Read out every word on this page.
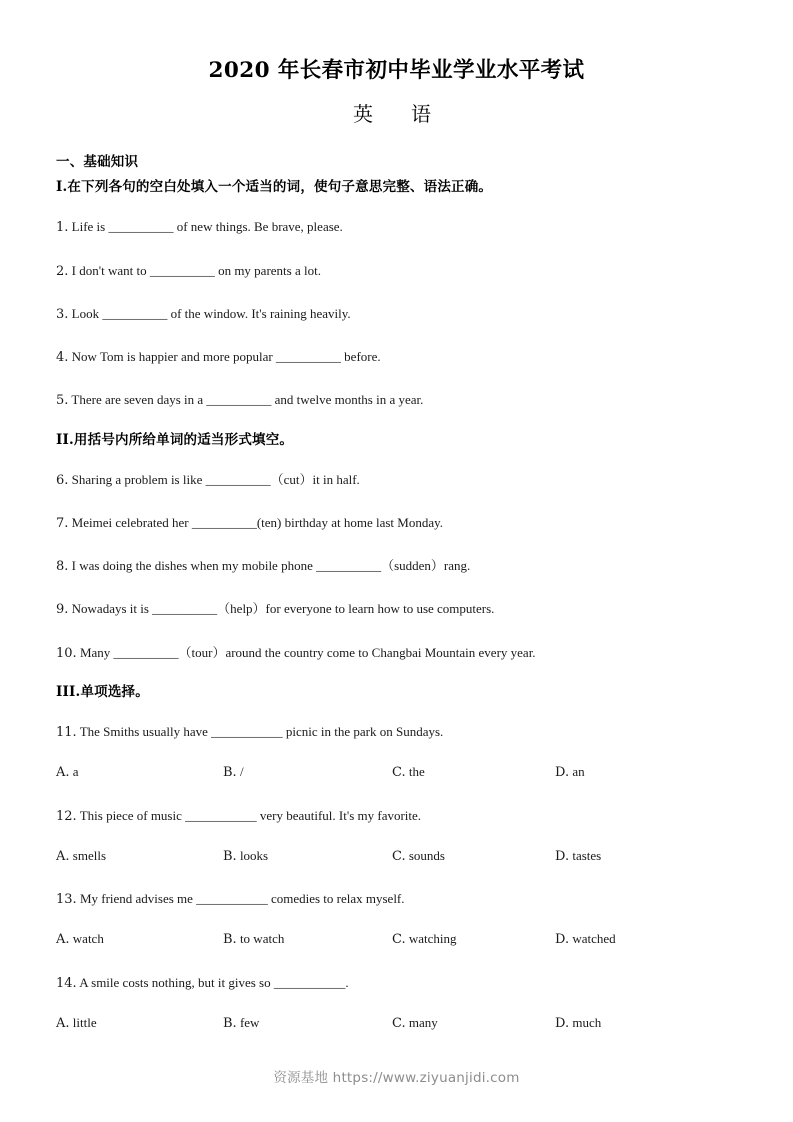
2020 年长春市初中毕业学业水平考试
英　语
一、基础知识
I.在下列各句的空白处填入一个适当的词，使句子意思完整、语法正确。
1. Life is __________ of new things. Be brave, please.
2. I don't want to __________ on my parents a lot.
3. Look __________ of the window. It's raining heavily.
4. Now Tom is happier and more popular __________ before.
5. There are seven days in a __________ and twelve months in a year.
II.用括号内所给单词的适当形式填空。
6. Sharing a problem is like __________（cut）it in half.
7. Meimei celebrated her __________(ten) birthday at home last Monday.
8. I was doing the dishes when my mobile phone __________（sudden）rang.
9. Nowadays it is __________（help）for everyone to learn how to use computers.
10. Many __________（tour）around the country come to Changbai Mountain every year.
III.单项选择。
11. The Smiths usually have ___________ picnic in the park on Sundays.
A. a	B. /	C. the	D. an
12. This piece of music ___________ very beautiful. It's my favorite.
A. smells	B. looks	C. sounds	D. tastes
13. My friend advises me ___________ comedies to relax myself.
A. watch	B. to watch	C. watching	D. watched
14. A smile costs nothing, but it gives so ___________.
A. little	B. few	C. many	D. much
资源基地 https://www.ziyuanjidi.com
